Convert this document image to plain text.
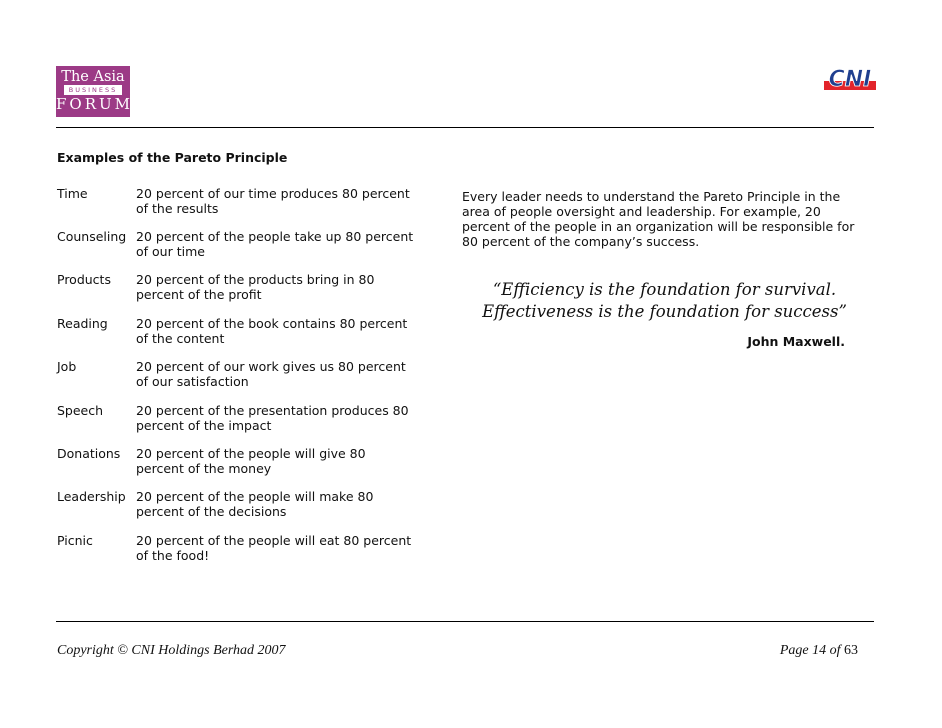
The Asia
BUSINESS
FORUM
CNI
Examples of the Pareto Principle
Time	20 percent of our time produces 80 percent of the results
Counseling 20 percent of the people take up 80 percent of our time
Products 20 percent of the products bring in 80 percent of the profit
Reading 20 percent of the book contains 80 percent of the content
Job	20 percent of our work gives us 80 percent of our satisfaction
Speech	20 percent of the presentation produces 80 percent of the impact
Donations 20 percent of the people will give 80 percent of the money
Leadership 20 percent of the people will make 80 percent of the decisions
Picnic	20 percent of the people will eat 80 percent of the food!
Every leader needs to understand the Pareto Principle in the area of people oversight and leadership. For example, 20 percent of the people in an organization will be responsible for 80 percent of the company’s success.
“Efficiency is the foundation for survival.
Effectiveness is the foundation for success”
John Maxwell.
Copyright © CNI Holdings Berhad 2007	Page 14 of 63
